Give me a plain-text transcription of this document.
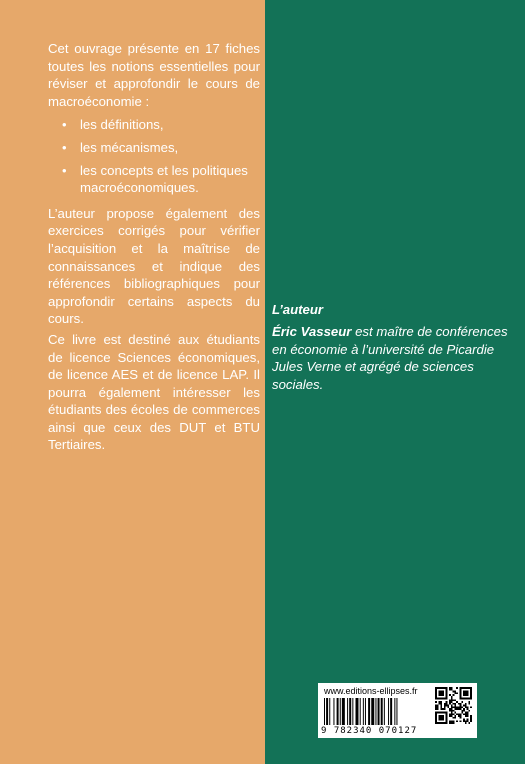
Cet ouvrage présente en 17 fiches toutes les notions essentielles pour réviser et approfondir le cours de macroéconomie :

• les définitions,
• les mécanismes,
• les concepts et les politiques macroéconomiques.

L’auteur propose également des exercices corrigés pour vérifier l’acquisition et la maîtrise de connaissances et indique des références bibliographiques pour approfondir certains aspects du cours.

Ce livre est destiné aux étudiants de licence Sciences économiques, de licence AES et de licence LAP. Il pourra également intéresser les étudiants des écoles de commerces ainsi que ceux des DUT et BTU Tertiaires.

L’auteur

Éric Vasseur est maître de conférences en économie à l’université de Picardie Jules Verne et agrégé de sciences sociales.

www.editions-ellipses.fr
9 782340 070127
